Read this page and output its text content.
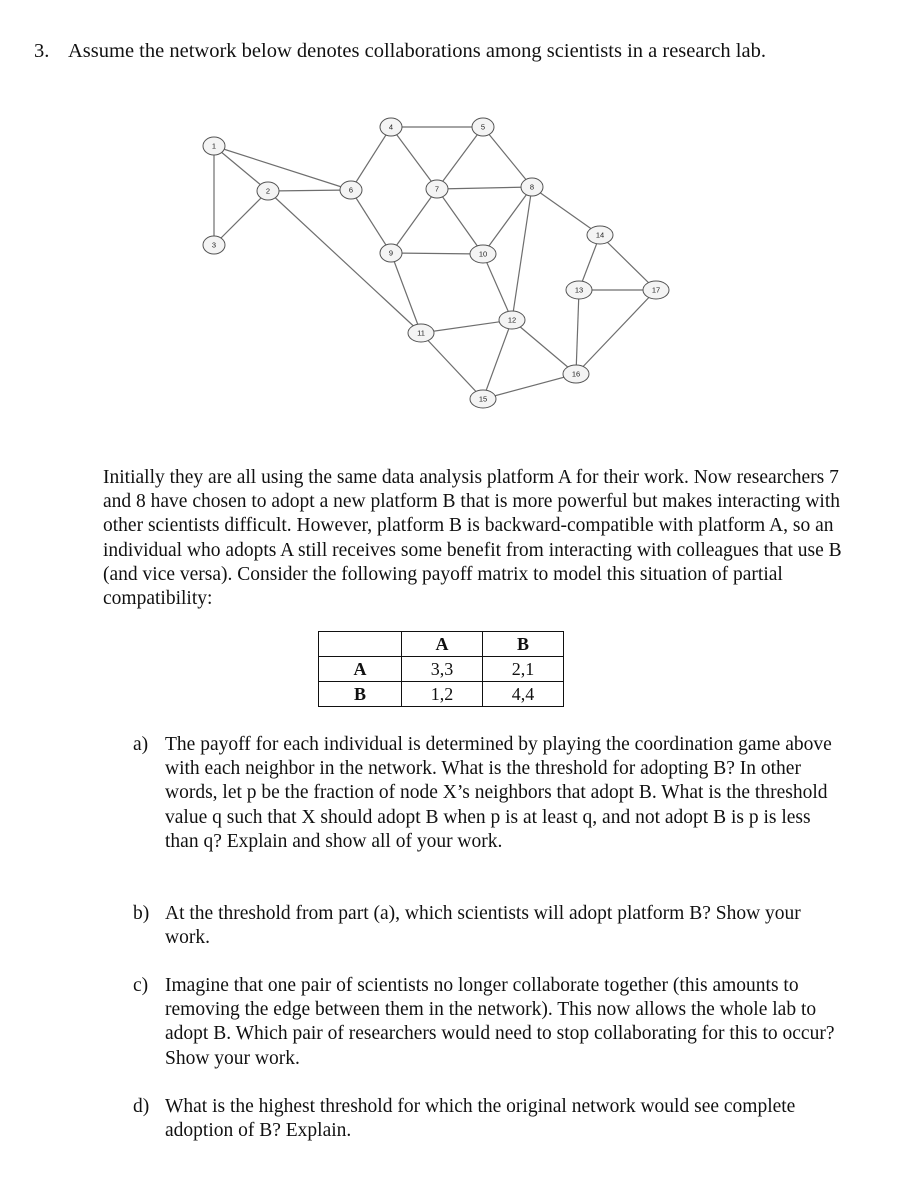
3. Assume the network below denotes collaborations among scientists in a research lab.
1
2
3
4	5
6	7	8
9	10
11
12
13
14
15
16
17

Initially they are all using the same data analysis platform A for their work. Now researchers 7 and 8 have chosen to adopt a new platform B that is more powerful but makes interacting with other scientists difficult. However, platform B is backward-compatible with platform A, so an individual who adopts A still receives some benefit from interacting with colleagues that use B (and vice versa). Consider the following payoff matrix to model this situation of partial compatibility:

	A	B
A	3,3	2,1
B	1,2	4,4
a) The payoff for each individual is determined by playing the coordination game above with each neighbor in the network. What is the threshold for adopting B? In other words, let p be the fraction of node X’s neighbors that adopt B. What is the threshold value q such that X should adopt B when p is at least q, and not adopt B is p is less than q? Explain and show all of your work.

b) At the threshold from part (a), which scientists will adopt platform B? Show your work.

c) Imagine that one pair of scientists no longer collaborate together (this amounts to removing the edge between them in the network). This now allows the whole lab to adopt B. Which pair of researchers would need to stop collaborating for this to occur? Show your work.

d) What is the highest threshold for which the original network would see complete adoption of B? Explain.
